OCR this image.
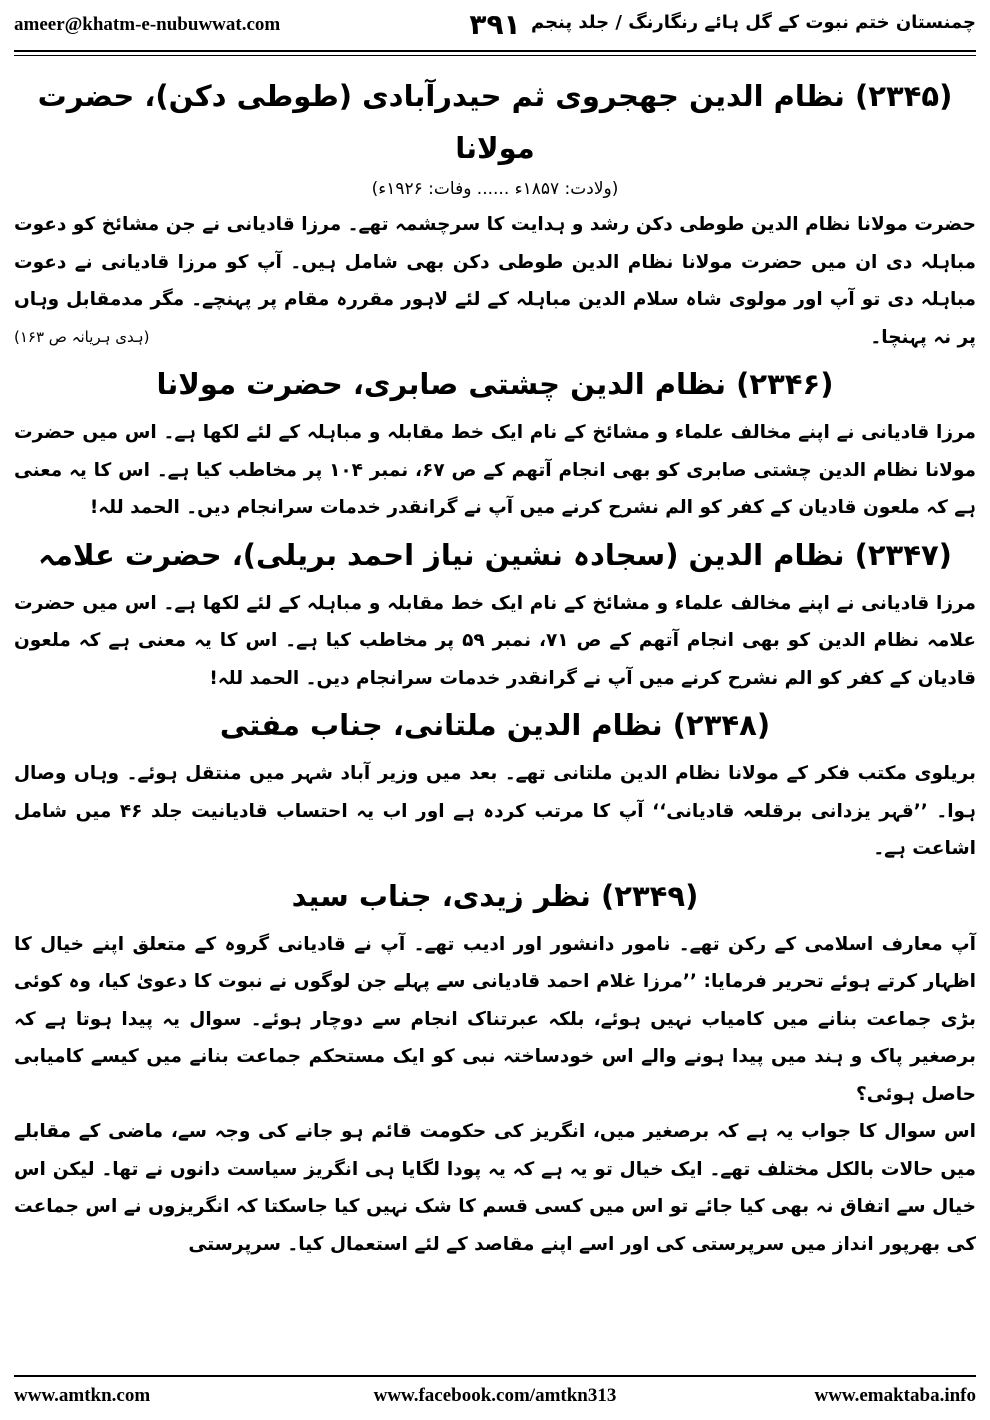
ameer@khatm-e-nubuwwat.com	۳۹۱ چمنستان ختم نبوت کے گل ہائے رنگارنگ / جلد پنجم
(۲۳۴۵) نظام الدین جھجروی ثم حیدرآبادی (طوطی دکن)، حضرت مولانا
(ولادت: ۱۸۵۷ء ...... وفات: ۱۹۲۶ء)
حضرت مولانا نظام الدین طوطی دکن رشد و ہدایت کا سرچشمہ تھے۔ مرزا قادیانی نے جن مشائخ کو دعوت مباہلہ دی ان میں حضرت مولانا نظام الدین طوطی دکن بھی شامل ہیں۔ آپ کو مرزا قادیانی نے دعوت مباہلہ دی تو آپ اور مولوی شاہ سلام الدین مباہلہ کے لئے لاہور مقررہ مقام پر پہنچے۔ مگر مدمقابل وہاں پر نہ پہنچا۔
(ہدی ہریانہ ص ۱۶۳)
(۲۳۴۶) نظام الدین چشتی صابری، حضرت مولانا
مرزا قادیانی نے اپنے مخالف علماء و مشائخ کے نام ایک خط مقابلہ و مباہلہ کے لئے لکھا ہے۔ اس میں حضرت مولانا نظام الدین چشتی صابری کو بھی انجام آتھم کے ص ۶۷، نمبر ۱۰۴ پر مخاطب کیا ہے۔ اس کا یہ معنی ہے کہ ملعون قادیان کے کفر کو الم نشرح کرنے میں آپ نے گرانقدر خدمات سرانجام دیں۔ الحمد للہ!
(۲۳۴۷) نظام الدین (سجادہ نشین نیاز احمد بریلی)، حضرت علامہ
مرزا قادیانی نے اپنے مخالف علماء و مشائخ کے نام ایک خط مقابلہ و مباہلہ کے لئے لکھا ہے۔ اس میں حضرت علامہ نظام الدین کو بھی انجام آتھم کے ص ۷۱، نمبر ۵۹ پر مخاطب کیا ہے۔ اس کا یہ معنی ہے کہ ملعون قادیان کے کفر کو الم نشرح کرنے میں آپ نے گرانقدر خدمات سرانجام دیں۔ الحمد للہ!
(۲۳۴۸) نظام الدین ملتانی، جناب مفتی
بریلوی مکتب فکر کے مولانا نظام الدین ملتانی تھے۔ بعد میں وزیر آباد شہر میں منتقل ہوئے۔ وہاں وصال ہوا۔ ’’قہر یزدانی برقلعہ قادیانی‘‘ آپ کا مرتب کردہ ہے اور اب یہ احتساب قادیانیت جلد ۴۶ میں شامل اشاعت ہے۔
(۲۳۴۹) نظر زیدی، جناب سید
آپ معارف اسلامی کے رکن تھے۔ نامور دانشور اور ادیب تھے۔ آپ نے قادیانی گروہ کے متعلق اپنے خیال کا اظہار کرتے ہوئے تحریر فرمایا: ’’مرزا غلام احمد قادیانی سے پہلے جن لوگوں نے نبوت کا دعویٰ کیا، وہ کوئی بڑی جماعت بنانے میں کامیاب نہیں ہوئے، بلکہ عبرتناک انجام سے دوچار ہوئے۔ سوال یہ پیدا ہوتا ہے کہ برصغیر پاک و ہند میں پیدا ہونے والے اس خودساختہ نبی کو ایک مستحکم جماعت بنانے میں کیسے کامیابی حاصل ہوئی؟
اس سوال کا جواب یہ ہے کہ برصغیر میں، انگریز کی حکومت قائم ہو جانے کی وجہ سے، ماضی کے مقابلے میں حالات بالکل مختلف تھے۔ ایک خیال تو یہ ہے کہ یہ پودا لگایا ہی انگریز سیاست دانوں نے تھا۔ لیکن اس خیال سے اتفاق نہ بھی کیا جائے تو اس میں کسی قسم کا شک نہیں کیا جاسکتا کہ انگریزوں نے اس جماعت کی بھرپور انداز میں سرپرستی کی اور اسے اپنے مقاصد کے لئے استعمال کیا۔ سرپرستی
www.amtkn.com	www.facebook.com/amtkn313	www.emaktaba.info
